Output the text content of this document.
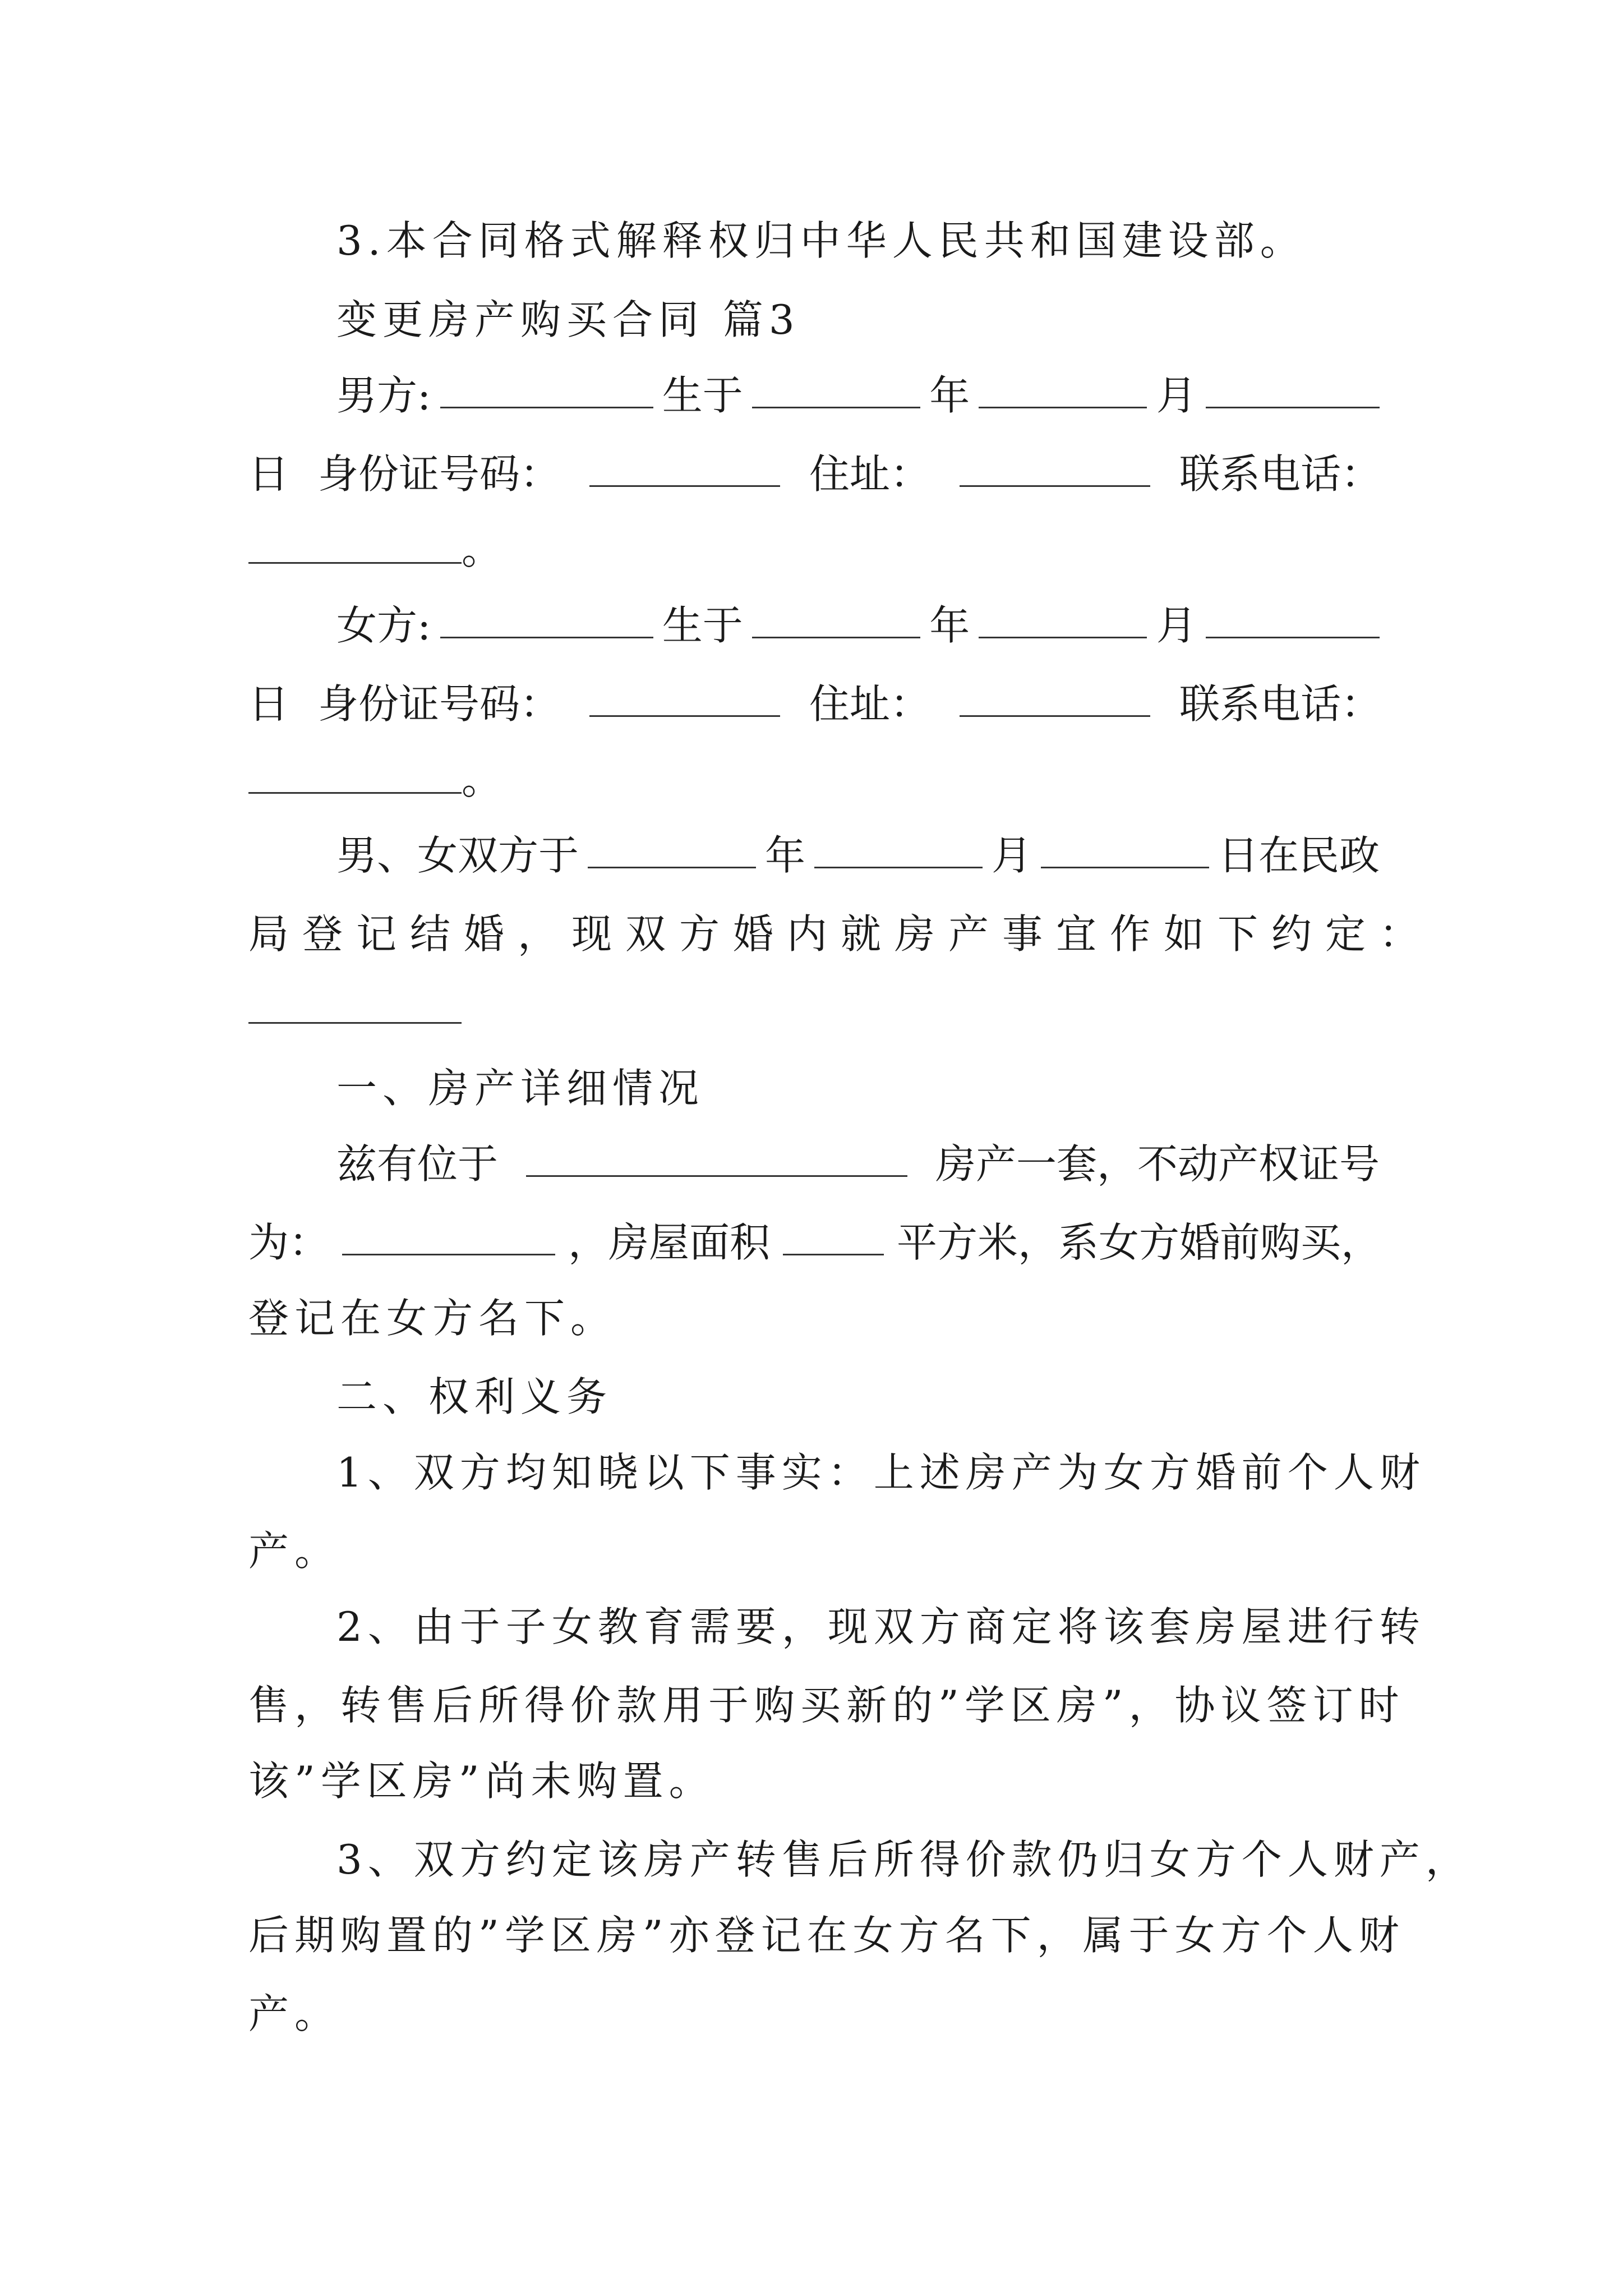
3.本合同格式解释权归中华人民共和国建设部。
变更房产购买合同 篇3
男方:	生于	年	月
日 身份证号码：	住址：	联系电话：
。
女方:	生于	年	月
日 身份证号码：	住址：	联系电话：
。
男、女双方于	年	月	日在民政
局登记结婚，现双方婚内就房产事宜作如下约定：
一、房产详细情况
兹有位于	房产一套，不动产权证号
为：	，房屋面积	平方米，系女方婚前购买，
登记在女方名下。
二、权利义务
1、双方均知晓以下事实：上述房产为女方婚前个人财
产。
2、由于子女教育需要，现双方商定将该套房屋进行转
售，转售后所得价款用于购买新的”学区房”，协议签订时
该”学区房”尚未购置。
3、双方约定该房产转售后所得价款仍归女方个人财产，
后期购置的”学区房”亦登记在女方名下，属于女方个人财
产。
